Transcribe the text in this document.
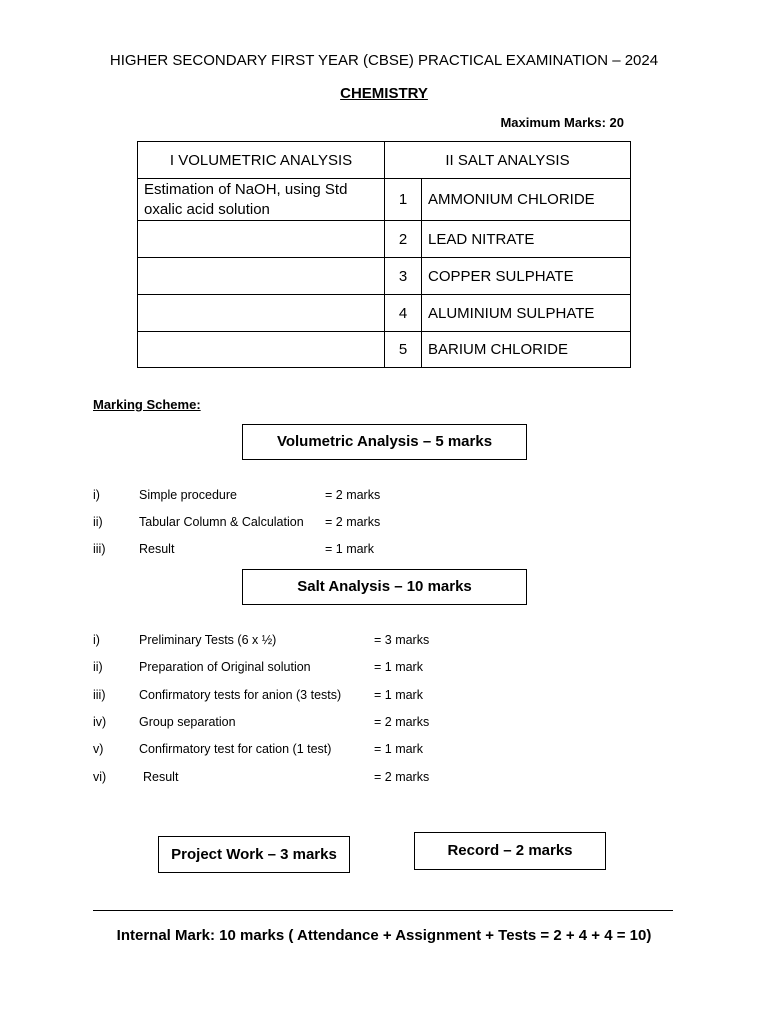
HIGHER SECONDARY FIRST YEAR (CBSE) PRACTICAL EXAMINATION – 2024
CHEMISTRY
Maximum Marks: 20
I VOLUMETRIC ANALYSIS	II SALT ANALYSIS	
Estimation of NaOH, using Std oxalic acid solution	1	AMMONIUM CHLORIDE
	2	LEAD NITRATE
	3	COPPER SULPHATE
	4	ALUMINIUM SULPHATE
	5	BARIUM CHLORIDE
Marking Scheme:
Volumetric Analysis – 5 marks
i)	Simple procedure	= 2 marks
ii)	Tabular Column & Calculation = 2 marks
iii)	Result	= 1 mark
Salt Analysis – 10 marks
i)	Preliminary Tests (6 x ½)	= 3 marks
ii)	Preparation of Original solution	= 1 mark
iii)	Confirmatory tests for anion (3 tests)	= 1 mark
iv)	Group separation	= 2 marks
v)	Confirmatory test for cation (1 test)	= 1 mark
vi)	Result	= 2 marks
Project Work – 3 marks	Record – 2 marks
Internal Mark: 10 marks ( Attendance + Assignment + Tests = 2 + 4 + 4 = 10)
